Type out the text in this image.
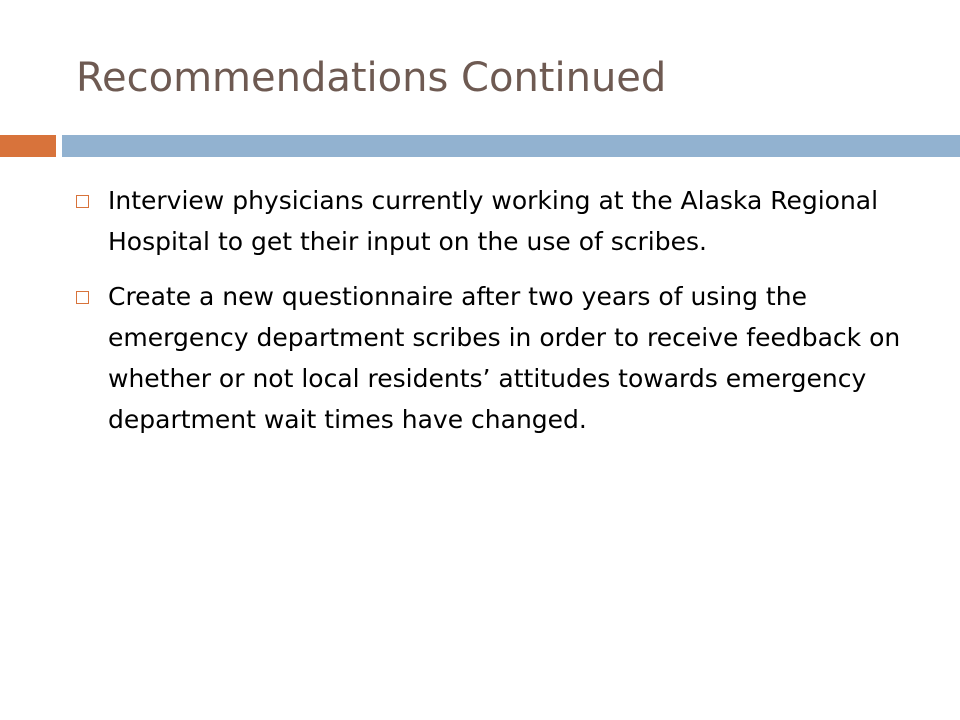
Recommendations Continued
Interview physicians currently working at the Alaska Regional Hospital to get their input on the use of scribes.
Create a new questionnaire after two years of using the emergency department scribes in order to receive feedback on whether or not local residents’ attitudes towards emergency department wait times have changed.
